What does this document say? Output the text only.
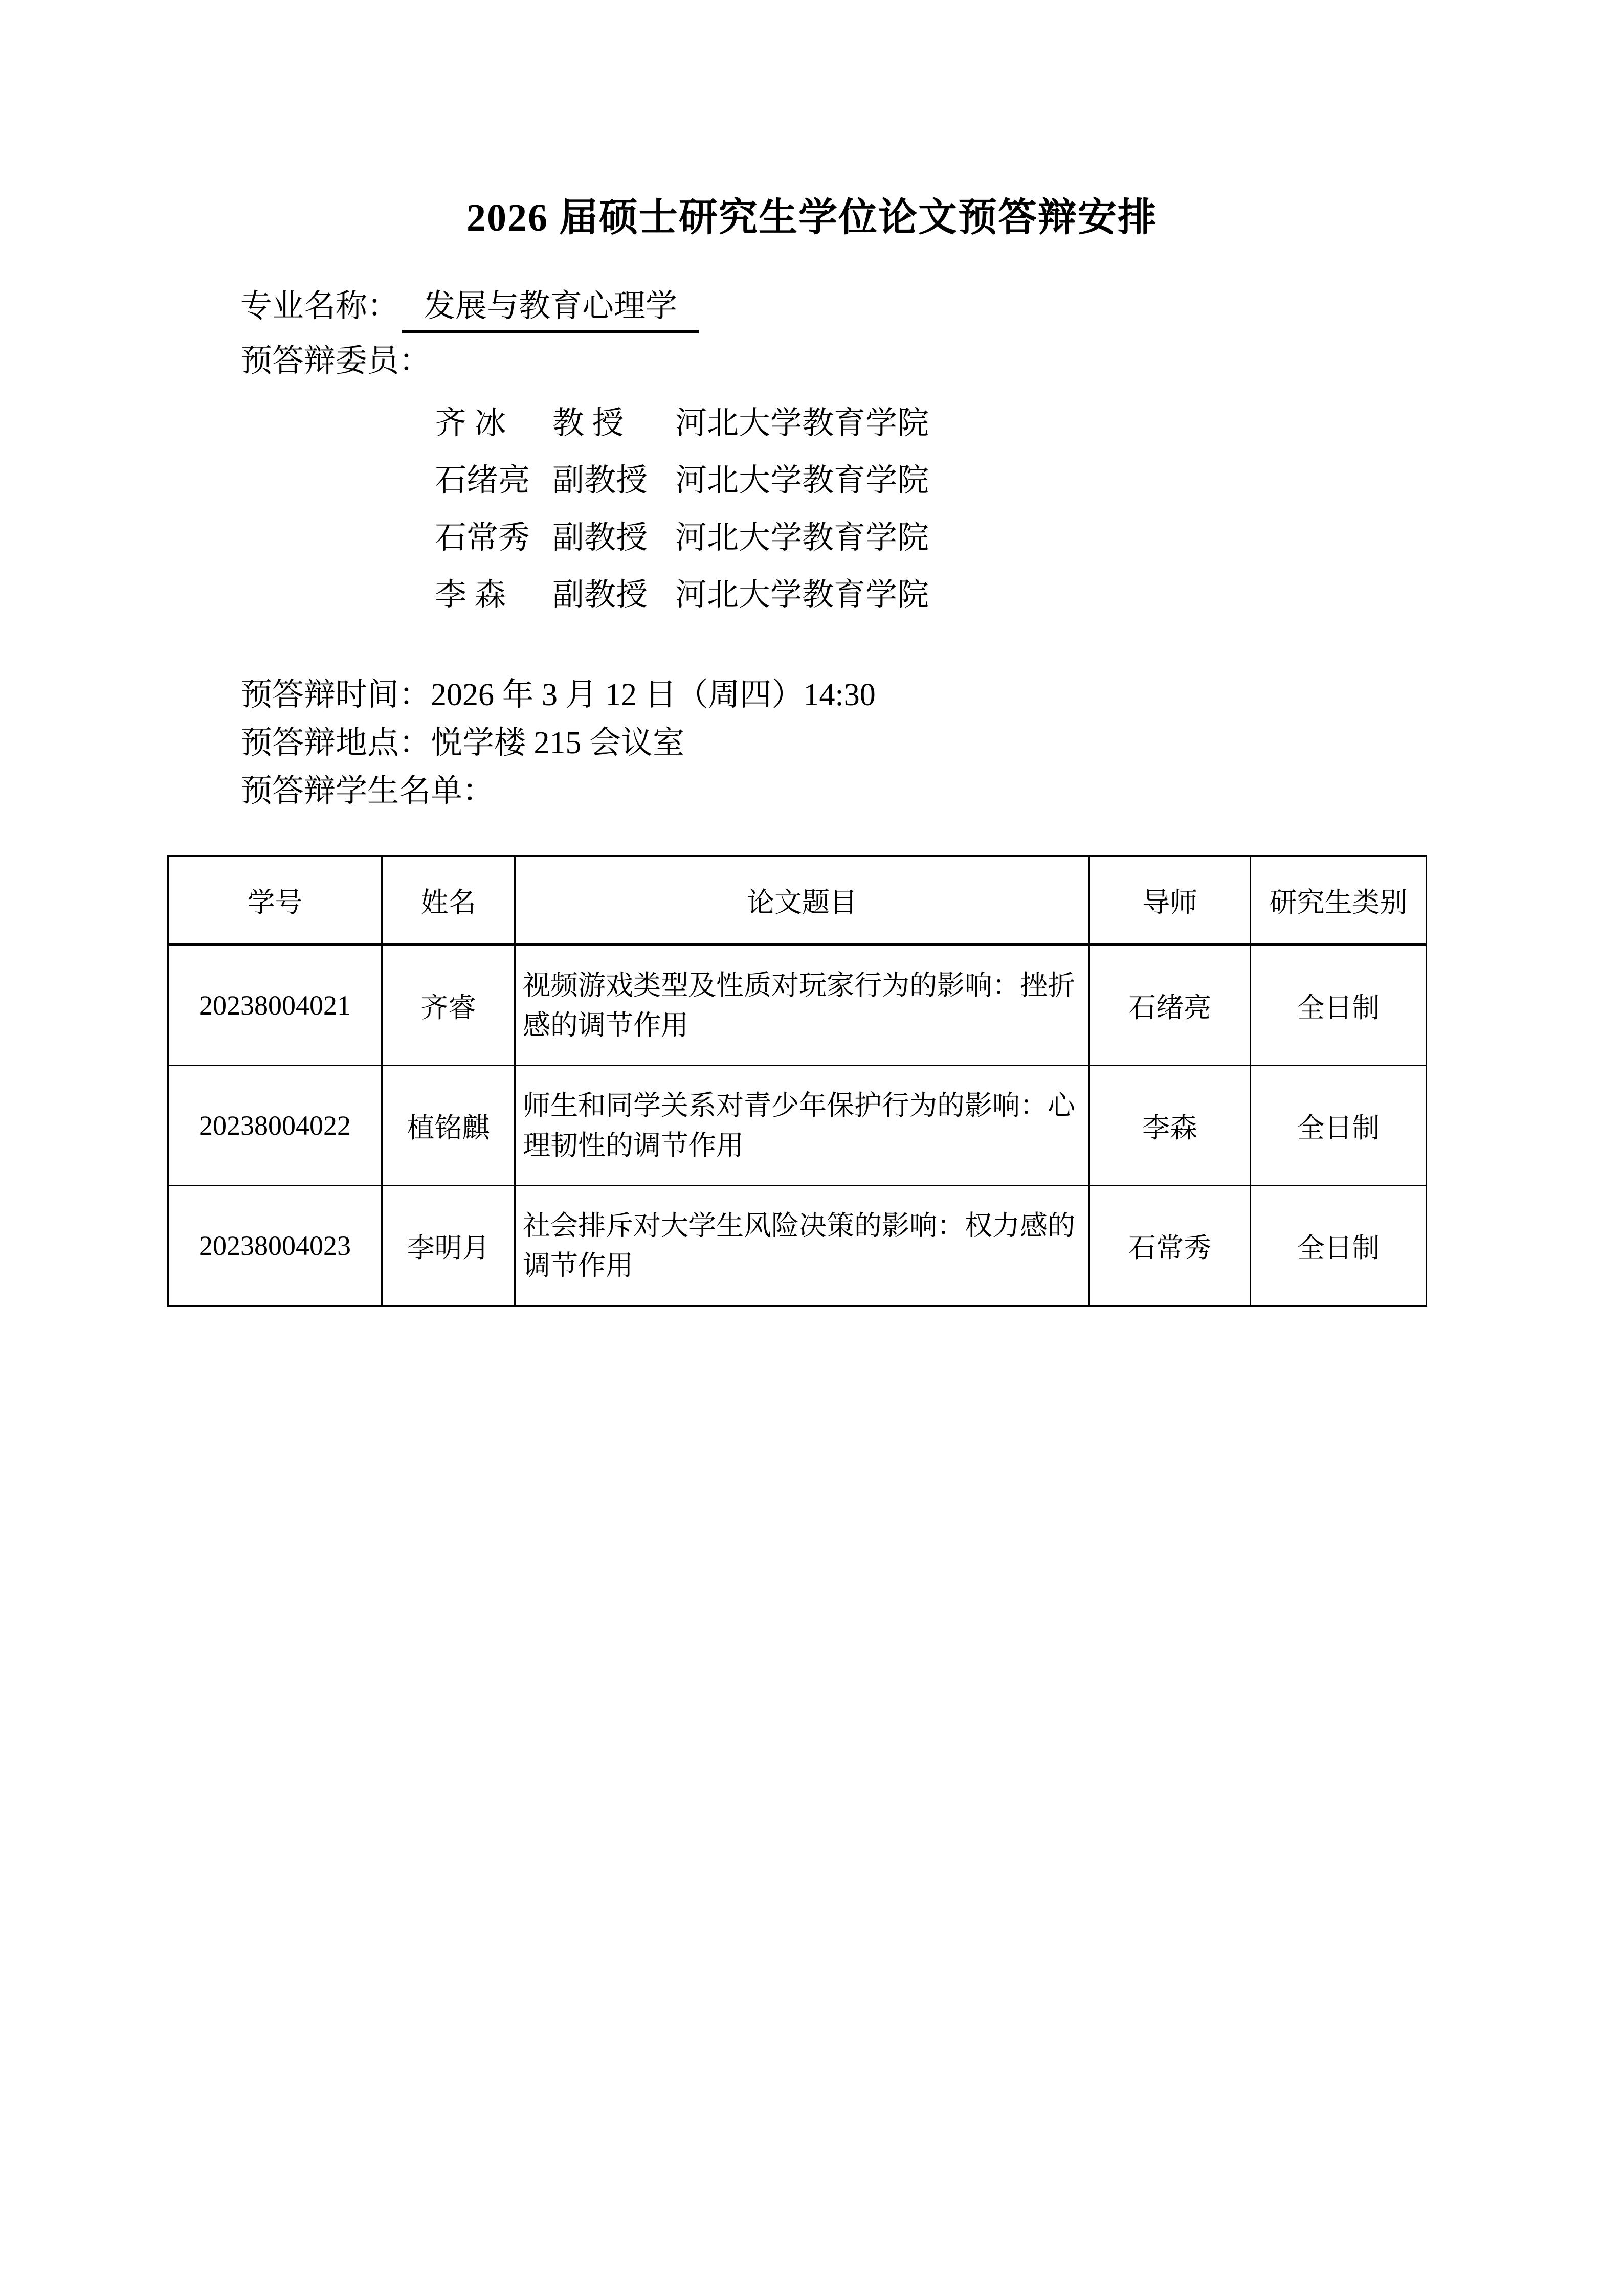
2026 届硕士研究生学位论文预答辩安排
专业名称： 发展与教育心理学
预答辩委员：
齐 冰 教 授 河北大学教育学院
石绪亮 副教授 河北大学教育学院
石常秀 副教授 河北大学教育学院
李 森 副教授 河北大学教育学院
预答辩时间：2026 年 3 月 12 日（周四）14:30
预答辩地点：悦学楼 215 会议室
预答辩学生名单：
学号	姓名	论文题目	导师	研究生类别
20238004021	齐睿	视频游戏类型及性质对玩家行为的影响：挫折感的调节作用	石绪亮	全日制
20238004022	植铭麒	师生和同学关系对青少年保护行为的影响：心理韧性的调节作用	李森	全日制
20238004023	李明月	社会排斥对大学生风险决策的影响：权力感的调节作用	石常秀	全日制
